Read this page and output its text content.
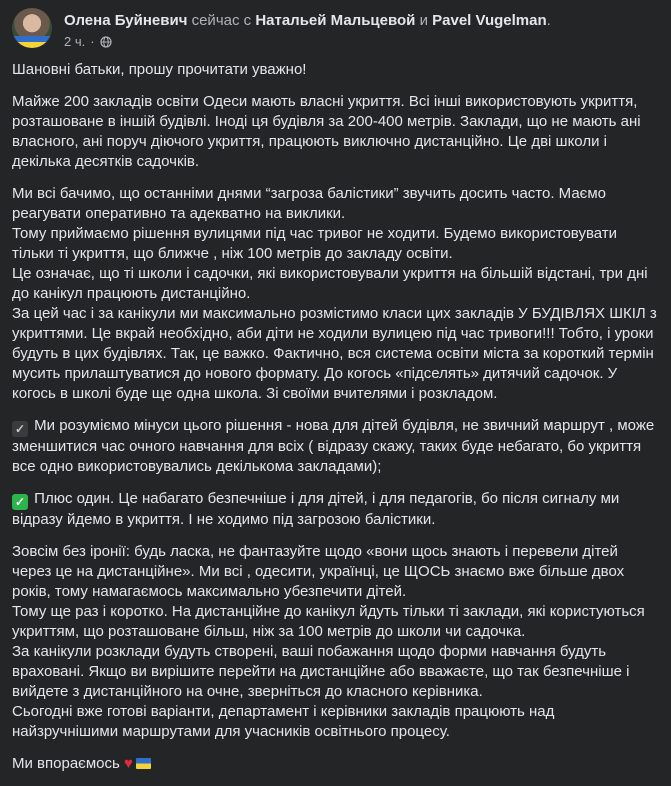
Олена Буйневич сейчас с Натальей Мальцевой и Pavel Vugelman.
2 ч. ·

Шановні батьки, прошу прочитати уважно!

Майже 200 закладів освіти Одеси мають власні укриття. Всі інші використовують укриття, розташоване в іншій будівлі. Іноді ця будівля за 200-400 метрів. Заклади, що не мають ані власного, ані поруч діючого укриття, працюють виключно дистанційно. Це дві школи і декілька десятків садочків.

Ми всі бачимо, що останніми днями “загроза балістики” звучить досить часто. Маємо реагувати оперативно та адекватно на виклики.
Тому приймаємо рішення вулицями під час тривог не ходити. Будемо використовувати тільки ті укриття, що ближче , ніж 100 метрів до закладу освіти.
Це означає, що ті школи і садочки, які використовували укриття на більшій відстані, три дні до канікул працюють дистанційно.
За цей час і за канікули ми максимально розмістимо класи цих закладів У БУДІВЛЯХ ШКІЛ з укриттями. Це вкрай необхідно, аби діти не ходили вулицею під час тривоги!!! Тобто, і уроки будуть в цих будівлях. Так, це важко. Фактично, вся система освіти міста за короткий термін мусить прилаштуватися до нового формату. До когось «підселять» дитячий садочок. У когось в школі буде ще одна школа. Зі своїми вчителями і розкладом.

✓ Ми розуміємо мінуси цього рішення - нова для дітей будівля, не звичний маршрут , може зменшитися час очного навчання для всіх ( відразу скажу, таких буде небагато, бо укриття все одно використовувались декількома закладами);

✓ Плюс один. Це набагато безпечніше і для дітей, і для педагогів, бо після сигналу ми відразу йдемо в укриття. І не ходимо під загрозою балістики.

Зовсім без іронії: будь ласка, не фантазуйте щодо «вони щось знають і перевели дітей через це на дистанційне». Ми всі , одесити, українці, це ЩОСЬ знаємо вже більше двох років, тому намагаємось максимально убезпечити дітей.
Тому ще раз і коротко. На дистанційне до канікул йдуть тільки ті заклади, які користуються укриттям, що розташоване більш, ніж за 100 метрів до школи чи садочка.
За канікули розклади будуть створені, ваші побажання щодо форми навчання будуть враховані. Якщо ви вирішите перейти на дистанційне або вважаєте, що так безпечніше і вийдете з дистанційного на очне, зверніться до класного керівника.
Сьогодні вже готові варіанти, департамент і керівники закладів працюють над найзручнішими маршрутами для учасників освітнього процесу.

Ми впораємось ♥
